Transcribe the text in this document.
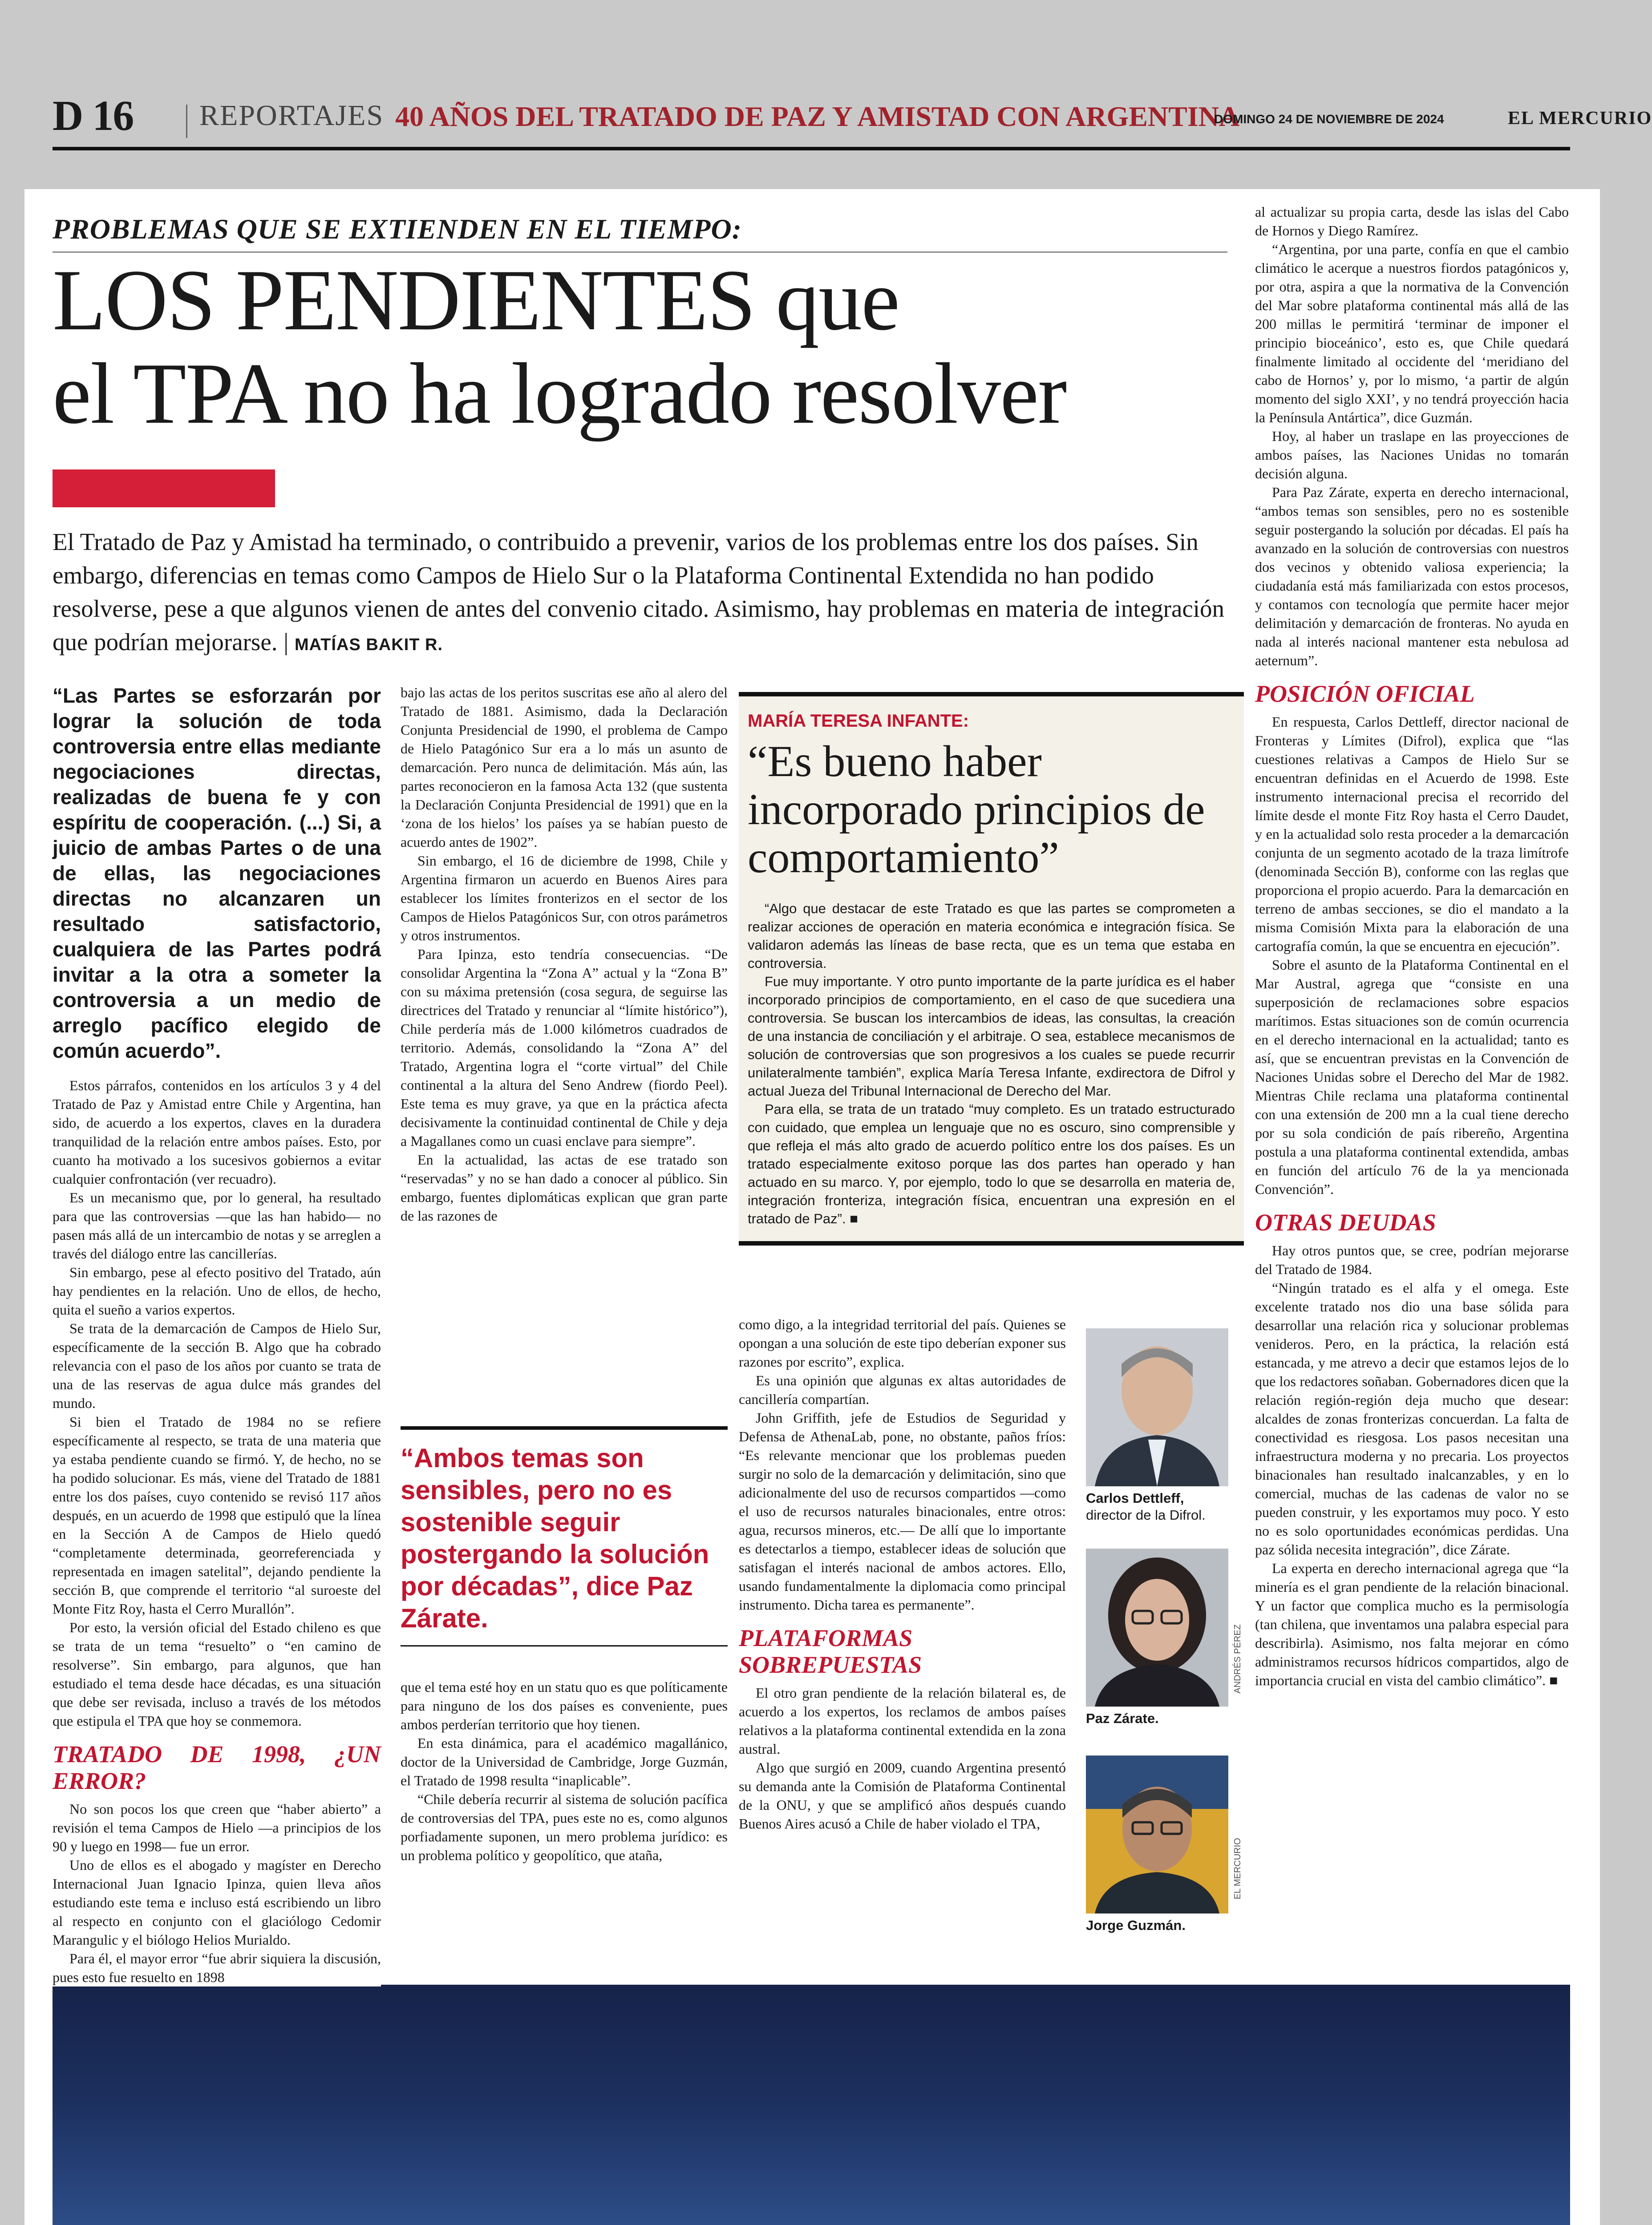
D 16 REPORTAJES 40 AÑOS DEL TRATADO DE PAZ Y AMISTAD CON ARGENTINA
DOMINGO 24 DE NOVIEMBRE DE 2024	EL MERCURIO
PROBLEMAS QUE SE EXTIENDEN EN EL TIEMPO:
LOS PENDIENTES que
el TPA no ha logrado resolver
El Tratado de Paz y Amistad ha terminado, o contribuido a prevenir, varios de los problemas entre los dos países. Sin embargo, diferencias en temas como Campos de Hielo Sur o la Plataforma Continental Extendida no han podido resolverse, pese a que algunos vienen de antes del convenio citado. Asimismo, hay problemas en materia de integración que podrían mejorarse. | MATÍAS BAKIT R.
“Las Partes se esforzarán por lograr la solución de toda controversia entre ellas mediante negociaciones directas, realizadas de buena fe y con espíritu de cooperación. (...) Si, a juicio de ambas Partes o de una de ellas, las negociaciones directas no alcanzaren un resultado satisfactorio, cualquiera de las Partes podrá invitar a la otra a someter la controversia a un medio de arreglo pacífico elegido de común acuerdo”.

Estos párrafos, contenidos en los artículos 3 y 4 del Tratado de Paz y Amistad entre Chile y Argentina, han sido, de acuerdo a los expertos, claves en la duradera tranquilidad de la relación entre ambos países. Esto, por cuanto ha motivado a los sucesivos gobiernos a evitar cualquier confrontación (ver recuadro).

Es un mecanismo que, por lo general, ha resultado para que las controversias —que las han habido— no pasen más allá de un intercambio de notas y se arreglen a través del diálogo entre las cancillerías.

Sin embargo, pese al efecto positivo del Tratado, aún hay pendientes en la relación. Uno de ellos, de hecho, quita el sueño a varios expertos.

Se trata de la demarcación de Campos de Hielo Sur, específicamente de la sección B. Algo que ha cobrado relevancia con el paso de los años por cuanto se trata de una de las reservas de agua dulce más grandes del mundo.

Si bien el Tratado de 1984 no se refiere específicamente al respecto, se trata de una materia que ya estaba pendiente cuando se firmó. Y, de hecho, no se ha podido solucionar. Es más, viene del Tratado de 1881 entre los dos países, cuyo contenido se revisó 117 años después, en un acuerdo de 1998 que estipuló que la línea en la Sección A de Campos de Hielo quedó “completamente determinada, georreferenciada y representada en imagen satelital”, dejando pendiente la sección B, que comprende el territorio “al suroeste del Monte Fitz Roy, hasta el Cerro Murallón”.

Por esto, la versión oficial del Estado chileno es que se trata de un tema “resuelto” o “en camino de resolverse”. Sin embargo, para algunos, que han estudiado el tema desde hace décadas, es una situación que debe ser revisada, incluso a través de los métodos que estipula el TPA que hoy se conmemora.

TRATADO DE 1998, ¿UN ERROR?

No son pocos los que creen que “haber abierto” a revisión el tema Campos de Hielo —a principios de los 90 y luego en 1998— fue un error.

Uno de ellos es el abogado y magíster en Derecho Internacional Juan Ignacio Ipinza, quien lleva años estudiando este tema e incluso está escribiendo un libro al respecto en conjunto con el glaciólogo Cedomir Marangulic y el biólogo Helios Murialdo.

Para él, el mayor error “fue abrir siquiera la discusión, pues esto fue resuelto en 1898

bajo las actas de los peritos suscritas ese año al alero del Tratado de 1881. Asimismo, dada la Declaración Conjunta Presidencial de 1990, el problema de Campo de Hielo Patagónico Sur era a lo más un asunto de demarcación. Pero nunca de delimitación. Más aún, las partes reconocieron en la famosa Acta 132 (que sustenta la Declaración Conjunta Presidencial de 1991) que en la ‘zona de los hielos’ los países ya se habían puesto de acuerdo antes de 1902”.

Sin embargo, el 16 de diciembre de 1998, Chile y Argentina firmaron un acuerdo en Buenos Aires para establecer los límites fronterizos en el sector de los Campos de Hielos Patagónicos Sur, con otros parámetros y otros instrumentos.

Para Ipinza, esto tendría consecuencias. “De consolidar Argentina la “Zona A” actual y la “Zona B” con su máxima pretensión (cosa segura, de seguirse las directrices del Tratado y renunciar al “límite histórico”), Chile perdería más de 1.000 kilómetros cuadrados de territorio. Además, consolidando la “Zona A” del Tratado, Argentina logra el “corte virtual” del Chile continental a la altura del Seno Andrew (fiordo Peel). Este tema es muy grave, ya que en la práctica afecta decisivamente la continuidad continental de Chile y deja a Magallanes como un cuasi enclave para siempre”.

En la actualidad, las actas de ese tratado son “reservadas” y no se han dado a conocer al público. Sin embargo, fuentes diplomáticas explican que gran parte de las razones de

“Ambos temas son sensibles, pero no es sostenible seguir postergando la solución por décadas”, dice Paz Zárate.

que el tema esté hoy en un statu quo es que políticamente para ninguno de los dos países es conveniente, pues ambos perderían territorio que hoy tienen.

En esta dinámica, para el académico magallánico, doctor de la Universidad de Cambridge, Jorge Guzmán, el Tratado de 1998 resulta “inaplicable”.

“Chile debería recurrir al sistema de solución pacífica de controversias del TPA, pues este no es, como algunos porfiadamente suponen, un mero problema jurídico: es un problema político y geopolítico, que ataña,

MARÍA TERESA INFANTE:
“Es bueno haber incorporado principios de comportamiento”

“Algo que destacar de este Tratado es que las partes se comprometen a realizar acciones de operación en materia económica e integración física. Se validaron además las líneas de base recta, que es un tema que estaba en controversia.

Fue muy importante. Y otro punto importante de la parte jurídica es el haber incorporado principios de comportamiento, en el caso de que sucediera una controversia. Se buscan los intercambios de ideas, las consultas, la creación de una instancia de conciliación y el arbitraje. O sea, establece mecanismos de solución de controversias que son progresivos a los cuales se puede recurrir unilateralmente también”, explica María Teresa Infante, exdirectora de Difrol y actual Jueza del Tribunal Internacional de Derecho del Mar.

Para ella, se trata de un tratado “muy completo. Es un tratado estructurado con cuidado, que emplea un lenguaje que no es oscuro, sino comprensible y que refleja el más alto grado de acuerdo político entre los dos países. Es un tratado especialmente exitoso porque las dos partes han operado y han actuado en su marco. Y, por ejemplo, todo lo que se desarrolla en materia de, integración fronteriza, integración física, encuentran una expresión en el tratado de Paz”. ■

como digo, a la integridad territorial del país. Quienes se opongan a una solución de este tipo deberían exponer sus razones por escrito”, explica.

Es una opinión que algunas ex altas autoridades de cancillería compartían.

John Griffith, jefe de Estudios de Seguridad y Defensa de AthenaLab, pone, no obstante, paños fríos: “Es relevante mencionar que los problemas pueden surgir no solo de la demarcación y delimitación, sino que adicionalmente del uso de recursos compartidos —como el uso de recursos naturales binacionales, entre otros: agua, recursos mineros, etc.— De allí que lo importante es detectarlos a tiempo, establecer ideas de solución que satisfagan el interés nacional de ambos actores. Ello, usando fundamentalmente la diplomacia como principal instrumento. Dicha tarea es permanente”.

PLATAFORMAS SOBREPUESTAS

El otro gran pendiente de la relación bilateral es, de acuerdo a los expertos, los reclamos de ambos países relativos a la plataforma continental extendida en la zona austral.

Algo que surgió en 2009, cuando Argentina presentó su demanda ante la Comisión de Plataforma Continental de la ONU, y que se amplificó años después cuando Buenos Aires acusó a Chile de haber violado el TPA,

Carlos Dettleff,
director de la Difrol.
Paz Zárate.
ANDRÉS PÉREZ
Jorge Guzmán.
EL MERCURIO

al actualizar su propia carta, desde las islas del Cabo de Hornos y Diego Ramírez.

“Argentina, por una parte, confía en que el cambio climático le acerque a nuestros fiordos patagónicos y, por otra, aspira a que la normativa de la Convención del Mar sobre plataforma continental más allá de las 200 millas le permitirá ‘terminar de imponer el principio bioceánico’, esto es, que Chile quedará finalmente limitado al occidente del ‘meridiano del cabo de Hornos’ y, por lo mismo, ‘a partir de algún momento del siglo XXI’, y no tendrá proyección hacia la Península Antártica”, dice Guzmán.

Hoy, al haber un traslape en las proyecciones de ambos países, las Naciones Unidas no tomarán decisión alguna.

Para Paz Zárate, experta en derecho internacional, “ambos temas son sensibles, pero no es sostenible seguir postergando la solución por décadas. El país ha avanzado en la solución de controversias con nuestros dos vecinos y obtenido valiosa experiencia; la ciudadanía está más familiarizada con estos procesos, y contamos con tecnología que permite hacer mejor delimitación y demarcación de fronteras. No ayuda en nada al interés nacional mantener esta nebulosa ad aeternum”.

POSICIÓN OFICIAL

En respuesta, Carlos Dettleff, director nacional de Fronteras y Límites (Difrol), explica que “las cuestiones relativas a Campos de Hielo Sur se encuentran definidas en el Acuerdo de 1998. Este instrumento internacional precisa el recorrido del límite desde el monte Fitz Roy hasta el Cerro Daudet, y en la actualidad solo resta proceder a la demarcación conjunta de un segmento acotado de la traza limítrofe (denominada Sección B), conforme con las reglas que proporciona el propio acuerdo. Para la demarcación en terreno de ambas secciones, se dio el mandato a la misma Comisión Mixta para la elaboración de una cartografía común, la que se encuentra en ejecución”.

Sobre el asunto de la Plataforma Continental en el Mar Austral, agrega que “consiste en una superposición de reclamaciones sobre espacios marítimos. Estas situaciones son de común ocurrencia en el derecho internacional en la actualidad; tanto es así, que se encuentran previstas en la Convención de Naciones Unidas sobre el Derecho del Mar de 1982. Mientras Chile reclama una plataforma continental con una extensión de 200 mn a la cual tiene derecho por su sola condición de país ribereño, Argentina postula a una plataforma continental extendida, ambas en función del artículo 76 de la ya mencionada Convención”.

OTRAS DEUDAS

Hay otros puntos que, se cree, podrían mejorarse del Tratado de 1984.

“Ningún tratado es el alfa y el omega. Este excelente tratado nos dio una base sólida para desarrollar una relación rica y solucionar problemas venideros. Pero, en la práctica, la relación está estancada, y me atrevo a decir que estamos lejos de lo que los redactores soñaban. Gobernadores dicen que la relación región-región deja mucho que desear: alcaldes de zonas fronterizas concuerdan. La falta de conectividad es riesgosa. Los pasos necesitan una infraestructura moderna y no precaria. Los proyectos binacionales han resultado inalcanzables, y en lo comercial, muchas de las cadenas de valor no se pueden construir, y les exportamos muy poco. Y esto no es solo oportunidades económicas perdidas. Una paz sólida necesita integración”, dice Zárate.

La experta en derecho internacional agrega que “la minería es el gran pendiente de la relación binacional. Y un factor que complica mucho es la permisología (tan chilena, que inventamos una palabra especial para describirla). Asimismo, nos falta mejorar en cómo administramos recursos hídricos compartidos, algo de importancia crucial en vista del cambio climático”. ■
